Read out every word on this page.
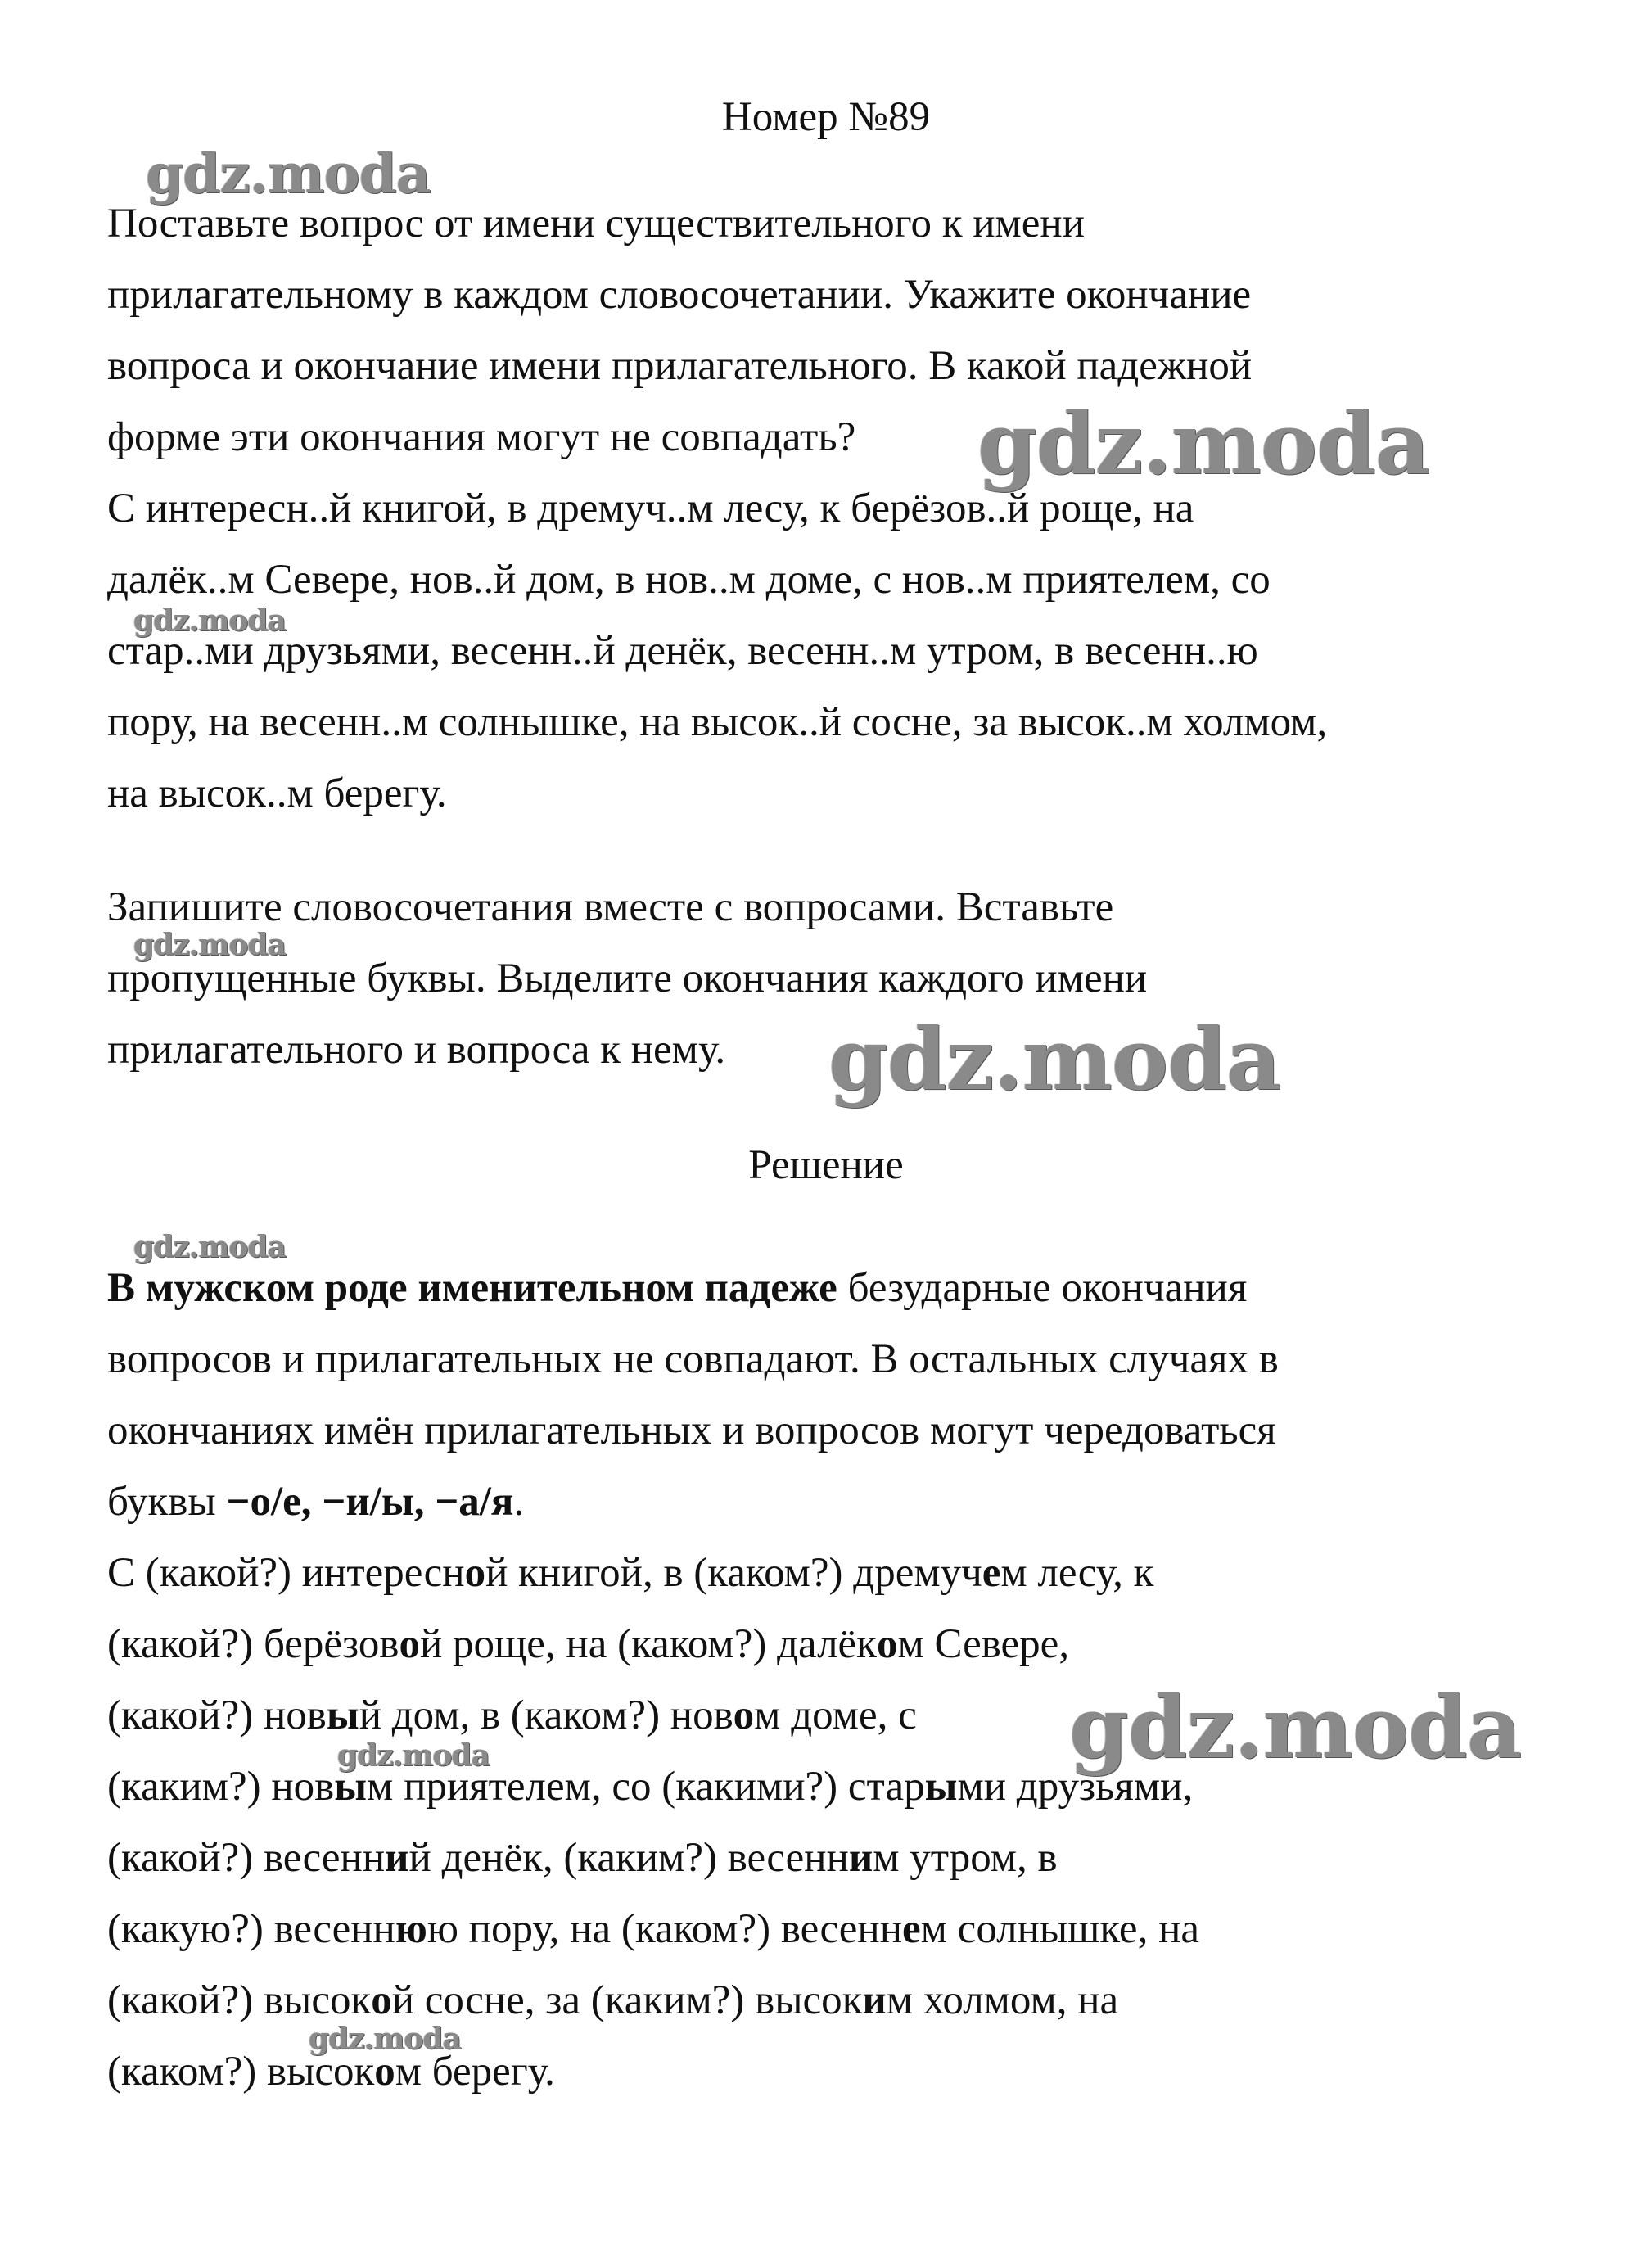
Номер №89
Поставьте вопрос от имени существительного к имени
прилагательному в каждом словосочетании. Укажите окончание
вопроса и окончание имени прилагательного. В какой падежной
форме эти окончания могут не совпадать?
С интересн..й книгой, в дремуч..м лесу, к берёзов..й роще, на
далёк..м Севере, нов..й дом, в нов..м доме, с нов..м приятелем, со
стар..ми друзьями, весенн..й денёк, весенн..м утром, в весенн..ю
пору, на весенн..м солнышке, на высок..й сосне, за высок..м холмом,
на высок..м берегу.
Запишите словосочетания вместе с вопросами. Вставьте
пропущенные буквы. Выделите окончания каждого имени
прилагательного и вопроса к нему.
Решение
В мужском роде именительном падеже безударные окончания
вопросов и прилагательных не совпадают. В остальных случаях в
окончаниях имён прилагательных и вопросов могут чередоваться
буквы −о/е, −и/ы, −а/я.
С (какой?) интересной книгой, в (каком?) дремучем лесу, к
(какой?) берёзовой роще, на (каком?) далёком Севере,
(какой?) новый дом, в (каком?) новом доме, с
(каким?) новым приятелем, со (какими?) старыми друзьями,
(какой?) весенний денёк, (каким?) весенним утром, в
(какую?) весеннюю пору, на (каком?) весеннем солнышке, на
(какой?) высокой сосне, за (каким?) высоким холмом, на
(каком?) высоком берегу.
gdz.moda
gdz.moda
gdz.moda
gdz.moda
gdz.moda
gdz.moda
gdz.moda
gdz.moda
gdz.moda
